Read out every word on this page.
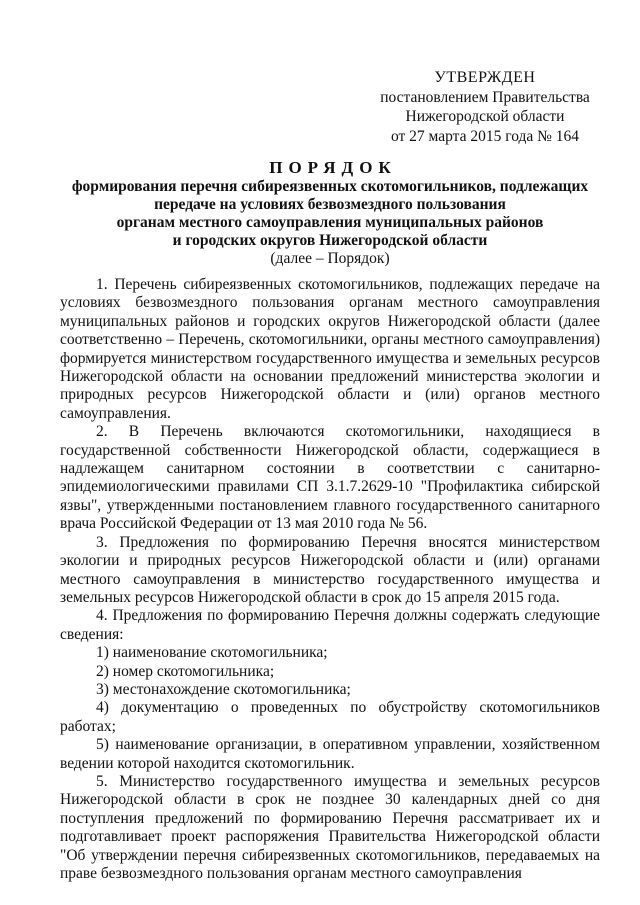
УТВЕРЖДЕН
постановлением Правительства
Нижегородской области
от 27 марта 2015 года № 164
ПОРЯДОК
формирования перечня сибиреязвенных скотомогильников, подлежащих
передаче на условиях безвозмездного пользования
органам местного самоуправления муниципальных районов
и городских округов Нижегородской области
(далее – Порядок)

1. Перечень сибиреязвенных скотомогильников, подлежащих передаче на условиях безвозмездного пользования органам местного самоуправления муниципальных районов и городских округов Нижегородской области (далее соответственно – Перечень, скотомогильники, органы местного самоуправления) формируется министерством государственного имущества и земельных ресурсов Нижегородской области на основании предложений министерства экологии и природных ресурсов Нижегородской области и (или) органов местного самоуправления.

2. В Перечень включаются скотомогильники, находящиеся в государственной собственности Нижегородской области, содержащиеся в надлежащем санитарном состоянии в соответствии с санитарно-эпидемиологическими правилами СП 3.1.7.2629-10 "Профилактика сибирской язвы", утвержденными постановлением главного государственного санитарного врача Российской Федерации от 13 мая 2010 года № 56.

3. Предложения по формированию Перечня вносятся министерством экологии и природных ресурсов Нижегородской области и (или) органами местного самоуправления в министерство государственного имущества и земельных ресурсов Нижегородской области в срок до 15 апреля 2015 года.

4. Предложения по формированию Перечня должны содержать следующие сведения:

1) наименование скотомогильника;

2) номер скотомогильника;

3) местонахождение скотомогильника;

4) документацию о проведенных по обустройству скотомогильников работах;

5) наименование организации, в оперативном управлении, хозяйственном ведении которой находится скотомогильник.

5. Министерство государственного имущества и земельных ресурсов Нижегородской области в срок не позднее 30 календарных дней со дня поступления предложений по формированию Перечня рассматривает их и подготавливает проект распоряжения Правительства Нижегородской области "Об утверждении перечня сибиреязвенных скотомогильников, передаваемых на праве безвозмездного пользования органам местного самоуправления
